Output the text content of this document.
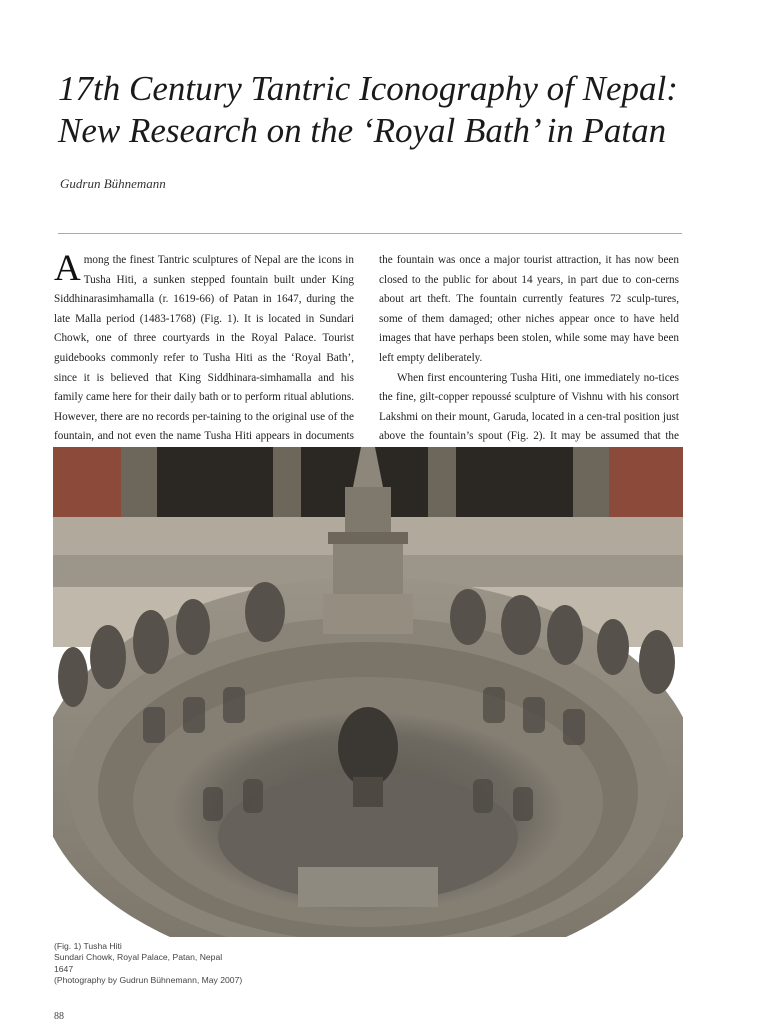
17th Century Tantric Iconography of Nepal:
New Research on the ‘Royal Bath’ in Patan
Gudrun Bühnemann

Among the finest Tantric sculptures of Nepal are the icons in Tusha Hiti, a sunken stepped fountain built under King Siddhinarasimhamalla (r. 1619-66) of Patan in 1647, during the late Malla period (1483-1768) (Fig. 1). It is located in Sundari Chowk, one of three courtyards in the Royal Palace. Tourist guidebooks commonly refer to Tusha Hiti as the ‘Royal Bath’, since it is believed that King Siddhinara-simhamalla and his family came here for their daily bath or to perform ritual ablutions. However, there are no records per-taining to the original use of the fountain, and not even the name Tusha Hiti appears in documents

the fountain was once a major tourist attraction, it has now been closed to the public for about 14 years, in part due to con-cerns about art theft. The fountain currently features 72 sculp-tures, some of them damaged; other niches appear once to have held images that have perhaps been stolen, while some may have been left empty deliberately.

When first encountering Tusha Hiti, one immediately no-tices the fine, gilt-copper repoussé sculpture of Vishnu with his consort Lakshmi on their mount, Garuda, located in a cen-tral position just above the fountain’s spout (Fig. 2). It may be assumed that the

(Fig. 1) Tusha Hiti
Sundari Chowk, Royal Palace, Patan, Nepal
1647
(Photography by Gudrun Bühnemann, May 2007)
88
